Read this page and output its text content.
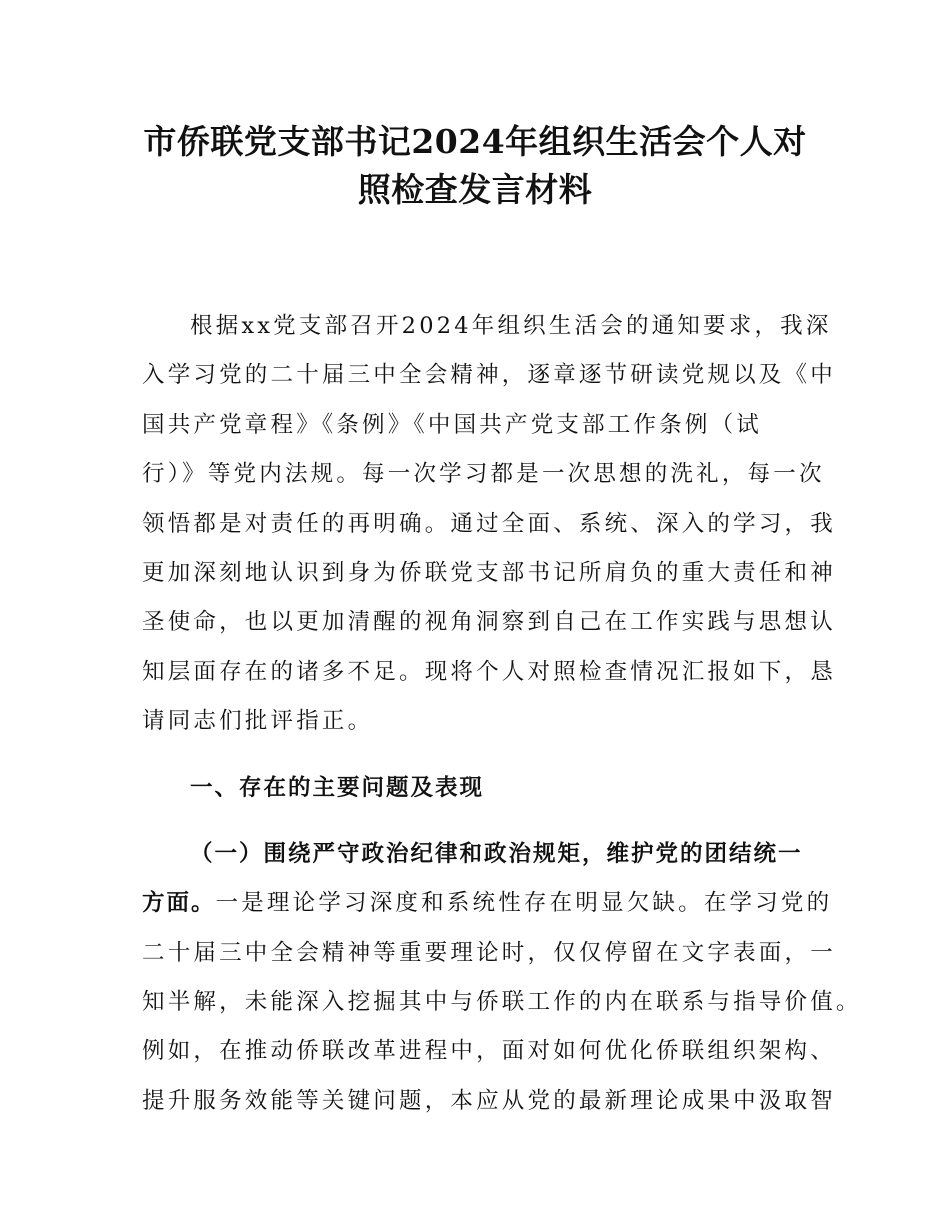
市侨联党支部书记2024年组织生活会个人对
照检查发言材料
根据xx党支部召开2024年组织生活会的通知要求，我深
入学习党的二十届三中全会精神，逐章逐节研读党规以及《中
国共产党章程》《条例》《中国共产党支部工作条例（试
行）》等党内法规。每一次学习都是一次思想的洗礼，每一次
领悟都是对责任的再明确。通过全面、系统、深入的学习，我
更加深刻地认识到身为侨联党支部书记所肩负的重大责任和神
圣使命，也以更加清醒的视角洞察到自己在工作实践与思想认
知层面存在的诸多不足。现将个人对照检查情况汇报如下，恳
请同志们批评指正。
一、存在的主要问题及表现
（一）围绕严守政治纪律和政治规矩，维护党的团结统一
方面。一是理论学习深度和系统性存在明显欠缺。在学习党的
二十届三中全会精神等重要理论时，仅仅停留在文字表面，一
知半解，未能深入挖掘其中与侨联工作的内在联系与指导价值。
例如，在推动侨联改革进程中，面对如何优化侨联组织架构、
提升服务效能等关键问题，本应从党的最新理论成果中汲取智
